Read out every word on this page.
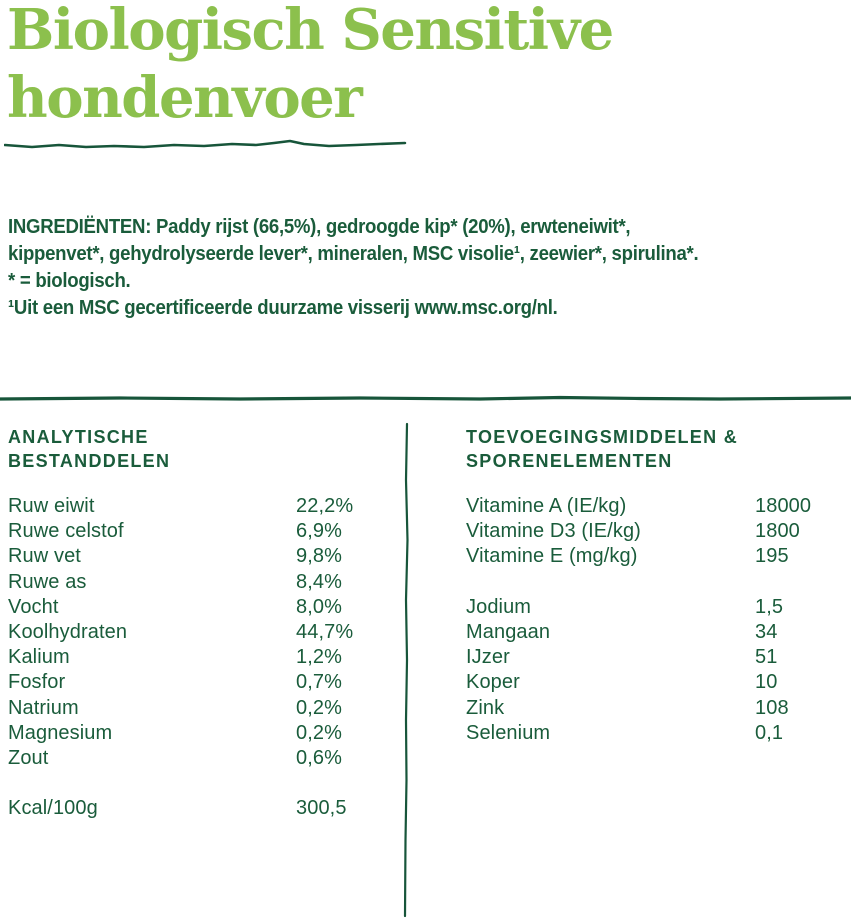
Biologisch Sensitive
hondenvoer
INGREDIËNTEN: Paddy rijst (66,5%), gedroogde kip* (20%), erwteneiwit*,
kippenvet*, gehydrolyseerde lever*, mineralen, MSC visolie¹, zeewier*, spirulina*.
* = biologisch.
¹Uit een MSC gecertificeerde duurzame visserij www.msc.org/nl.
ANALYTISCHE
BESTANDDELEN
Ruw eiwit	22,2%
Ruwe celstof	6,9%
Ruw vet	9,8%
Ruwe as	8,4%
Vocht	8,0%
Koolhydraten	44,7%
Kalium	1,2%
Fosfor	0,7%
Natrium	0,2%
Magnesium	0,2%
Zout	0,6%
Kcal/100g	300,5
TOEVOEGINGSMIDDELEN &
SPORENELEMENTEN
Vitamine A (IE/kg)	18000
Vitamine D3 (IE/kg)	1800
Vitamine E (mg/kg)	195
Jodium	1,5
Mangaan	34
IJzer	51
Koper	10
Zink	108
Selenium	0,1
